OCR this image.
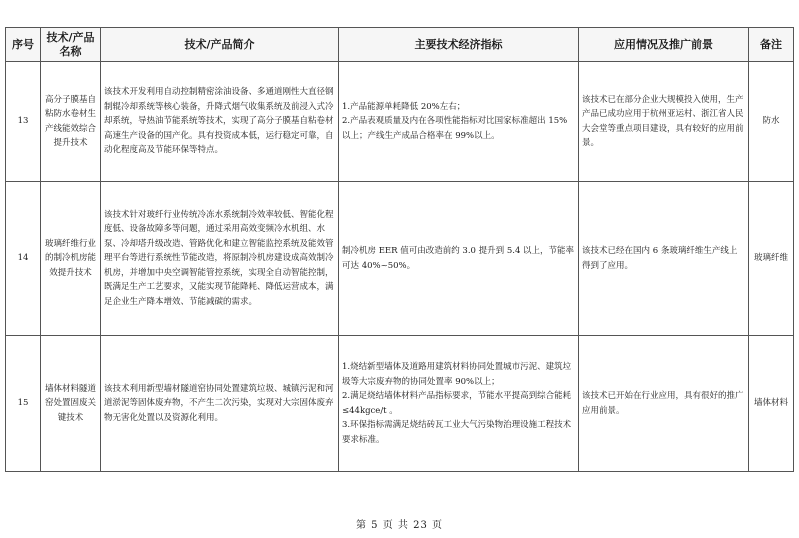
序号	技术/产品名称	技术/产品简介	主要技术经济指标	应用情况及推广前景	备注
13	高分子膜基自粘防水卷材生产线能效综合提升技术	该技术开发利用自动控制精密涂油设备、多通道刚性大直径钢制辊冷却系统等核心装备，升降式烟气收集系统及前浸入式冷却系统，导热油节能系统等技术，实现了高分子膜基自粘卷材高速生产设备的国产化。具有投资成本低，运行稳定可靠，自动化程度高及节能环保等特点。	1.产品能源单耗降低 20%左右；
2.产品表观质量及内在各项性能指标对比国家标准超出 15%以上；产线生产成品合格率在 99%以上。	该技术已在部分企业大规模投入使用，生产产品已成功应用于杭州亚运村、浙江省人民大会堂等重点项目建设，具有较好的应用前景。	防水
14	玻璃纤维行业的制冷机房能效提升技术	该技术针对玻纤行业传统冷冻水系统制冷效率较低、智能化程度低、设备故障多等问题，通过采用高效变频冷水机组、水泵、冷却塔升级改造、管路优化和建立智能监控系统及能效管理平台等进行系统性节能改造，将原制冷机房建设成高效制冷机房，并增加中央空调智能管控系统，实现全自动智能控制，既满足生产工艺要求，又能实现节能降耗、降低运营成本，满足企业生产降本增效、节能减碳的需求。	制冷机房 EER 值可由改造前约 3.0 提升到 5.4 以上，节能率可达 40%~50%。	该技术已经在国内 6 条玻璃纤维生产线上得到了应用。	玻璃纤维
15	墙体材料隧道窑处置固废关键技术	该技术利用新型墙材隧道窑协同处置建筑垃圾、城镇污泥和河道淤泥等固体废弃物，不产生二次污染，实现对大宗固体废弃物无害化处置以及资源化利用。	1.烧结新型墙体及道路用建筑材料协同处置城市污泥、建筑垃圾等大宗废弃物的协同处置率 90%以上；
2.满足烧结墙体材料产品指标要求，节能水平提高到综合能耗 ≤44kgce/t 。
3.环保指标需满足烧结砖瓦工业大气污染物治理设施工程技术要求标准。	该技术已开始在行业应用，具有很好的推广应用前景。	墙体材料
第 5 页 共 23 页
